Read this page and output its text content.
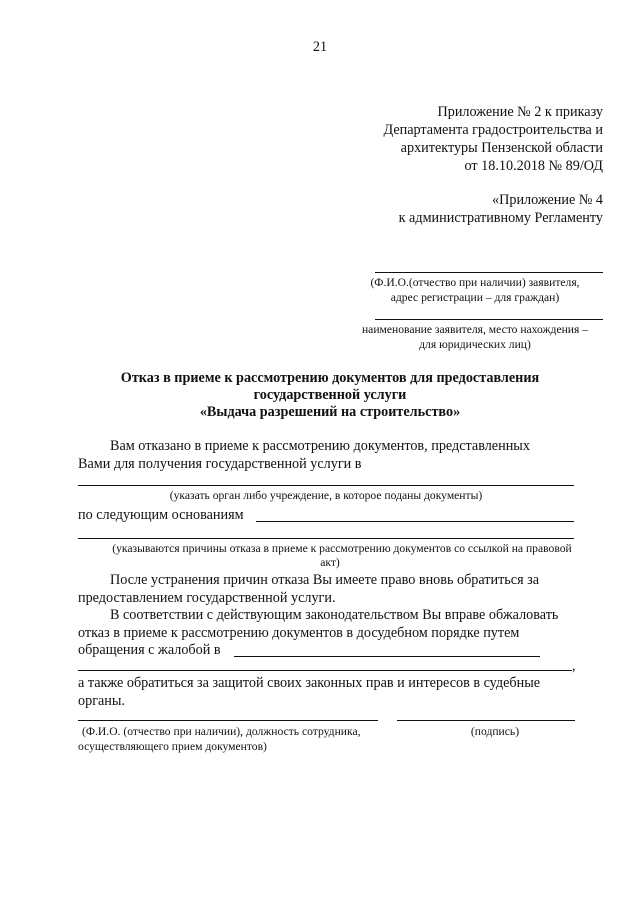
21
Приложение № 2 к приказу
Департамента градостроительства и
архитектуры Пензенской области
от 18.10.2018 № 89/ОД
«Приложение № 4
к административному Регламенту
(Ф.И.О.(отчество при наличии) заявителя,
адрес регистрации – для граждан)
наименование заявителя, место нахождения –
для юридических лиц)
Отказ в приеме к рассмотрению документов для предоставления
государственной услуги
«Выдача разрешений на строительство»
Вам отказано в приеме к рассмотрению документов, представленных
Вами для получения государственной услуги в
(указать орган либо учреждение, в которое поданы документы)
по следующим основаниям
(указываются причины отказа в приеме к рассмотрению документов со ссылкой на правовой
акт)
После устранения причин отказа Вы имеете право вновь обратиться за
предоставлением государственной услуги.
В соответствии с действующим законодательством Вы вправе обжаловать
отказ в приеме к рассмотрению документов в досудебном порядке путем
обращения с жалобой в
,
а также обратиться за защитой своих законных прав и интересов в судебные
органы.
(Ф.И.О. (отчество при наличии), должность сотрудника,
осуществляющего прием документов)
(подпись)
